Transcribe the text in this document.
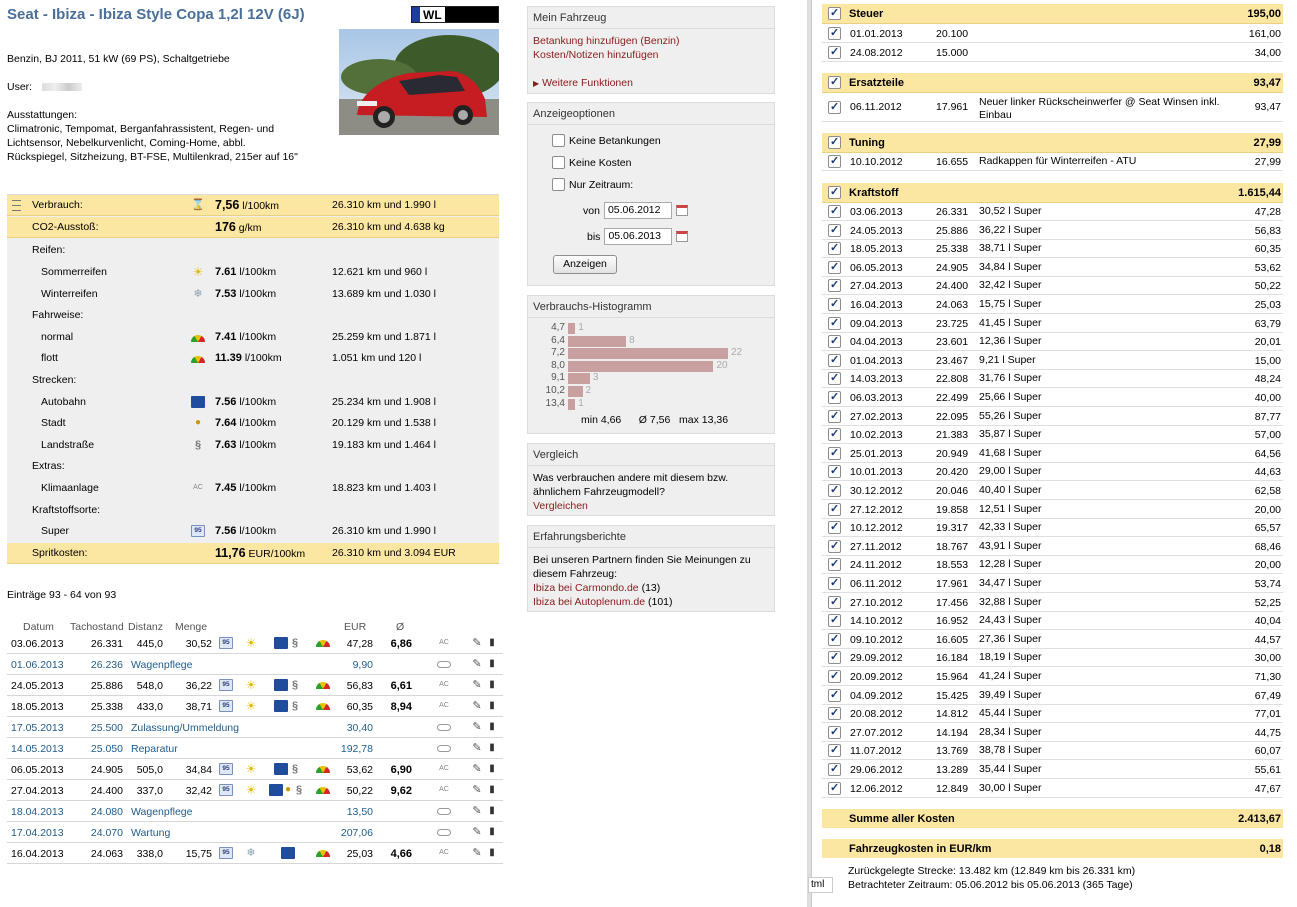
Seat - Ibiza - Ibiza Style Copa 1,2l 12V (6J)	WL

Benzin, BJ 2011, 51 kW (69 PS), Schaltgetriebe

User:

Ausstattungen:
Climatronic, Tempomat, Berganfahrassistent, Regen- und Lichtsensor, Nebelkurvenlicht, Coming-Home, abbl. Rückspiegel, Sitzheizung, BT-FSE, Multilenkrad, 215er auf 16"
Verbrauch:	⌛ 7,56 l/100km	26.310 km und 1.990 l
CO2-Ausstoß:	176 g/km	26.310 km und 4.638 kg
Reifen:
Sommerreifen	☀ 7.61 l/100km	12.621 km und 960 l
Winterreifen	❄ 7.53 l/100km	13.689 km und 1.030 l
Fahrweise:
normal	7.41 l/100km	25.259 km und 1.871 l
flott	11.39 l/100km	1.051 km und 120 l
Strecken:
Autobahn	7.56 l/100km	25.234 km und 1.908 l
Stadt	●	7.64 l/100km	20.129 km und 1.538 l
Landstraße	§	7.63 l/100km	19.183 km und 1.464 l
Extras:
Klimaanlage	AC 7.45 l/100km	18.823 km und 1.403 l
Kraftstoffsorte:
Super	95	7.56 l/100km	26.310 km und 1.990 l
Spritkosten:	11,76 EUR/100km	26.310 km und 3.094 EUR
Einträge 93 - 64 von 93
Datum Tachostand Distanz Menge	EUR	Ø
03.06.2013	26.331	445,0	30,52	95 ☀	§	47,28	6,86	AC ✎ ▮
01.06.2013	26.236 Wagenpflege	9,90	✎ ▮
24.05.2013	25.886	548,0	36,22	95 ☀	§	56,83	6,61	AC ✎ ▮
18.05.2013	25.338	433,0	38,71	95 ☀	§	60,35	8,94	AC ✎ ▮
17.05.2013	25.500 Zulassung/Ummeldung	30,40	✎ ▮
14.05.2013	25.050 Reparatur	192,78	✎ ▮
06.05.2013	24.905	505,0	34,84	95 ☀	§	53,62	6,90	AC ✎ ▮
27.04.2013	24.400	337,0	32,42	95 ☀	● §	50,22	9,62	AC ✎ ▮
18.04.2013	24.080 Wagenpflege	13,50	✎ ▮
17.04.2013	24.070 Wartung	207,06	✎ ▮
16.04.2013	24.063	338,0	15,75	95	❄	25,03	4,66	AC ✎ ▮
Mein Fahrzeug
Betankung hinzufügen (Benzin)
Kosten/Notizen hinzufügen
▶ Weitere Funktionen
Anzeigeoptionen
Keine Betankungen
Keine Kosten
Nur Zeitraum:
von 05.06.2012
bis 05.06.2013
Anzeigen
Verbrauchs-Histogramm
4,7 1
6,4	8
7,2	22
8,0	20
9,1	3
10,2 2
13,4 1
min 4,66      Ø 7,56   max 13,36
Vergleich
Was verbrauchen andere mit diesem bzw. ähnlichem Fahrzeugmodell?
Vergleichen
Erfahrungsberichte
Bei unseren Partnern finden Sie Meinungen zu diesem Fahrzeug:
Ibiza bei Carmondo.de (13)
Ibiza bei Autoplenum.de (101)
tml
✓
Steuer	195,00
✓
01.01.2013	20.100	161,00
✓
24.08.2012	15.000	34,00
✓
Ersatzteile	93,47
✓
06.11.2012	17.961 Neuer linker Rückscheinwerfer @ Seat Winsen inkl. Einbau
93,47
✓
Tuning	27,99
✓
10.10.2012	16.655 Radkappen für Winterreifen - ATU	27,99
✓
Kraftstoff	1.615,44
✓
03.06.2013	26.331 30,52 l Super	47,28
✓
24.05.2013	25.886 36,22 l Super	56,83
✓
18.05.2013	25.338 38,71 l Super	60,35
✓
06.05.2013	24.905 34,84 l Super	53,62
✓
27.04.2013	24.400 32,42 l Super	50,22
✓
16.04.2013	24.063 15,75 l Super	25,03
✓
09.04.2013	23.725 41,45 l Super	63,79
✓
04.04.2013	23.601 12,36 l Super	20,01
✓
01.04.2013	23.467 9,21 l Super	15,00
✓
14.03.2013	22.808 31,76 l Super	48,24
✓
06.03.2013	22.499 25,66 l Super	40,00
✓
27.02.2013	22.095 55,26 l Super	87,77
✓
10.02.2013	21.383 35,87 l Super	57,00
✓
25.01.2013	20.949 41,68 l Super	64,56
✓
10.01.2013	20.420 29,00 l Super	44,63
✓
30.12.2012	20.046 40,40 l Super	62,58
✓
27.12.2012	19.858 12,51 l Super	20,00
✓
10.12.2012	19.317 42,33 l Super	65,57
✓
27.11.2012	18.767 43,91 l Super	68,46
✓
24.11.2012	18.553 12,28 l Super	20,00
✓
06.11.2012	17.961 34,47 l Super	53,74
✓
27.10.2012	17.456 32,88 l Super	52,25
✓
14.10.2012	16.952 24,43 l Super	40,04
✓
09.10.2012	16.605 27,36 l Super	44,57
✓
29.09.2012	16.184 18,19 l Super	30,00
✓
20.09.2012	15.964 41,24 l Super	71,30
✓
04.09.2012	15.425 39,49 l Super	67,49
✓
20.08.2012	14.812 45,44 l Super	77,01
✓
27.07.2012	14.194 28,34 l Super	44,75
✓
11.07.2012	13.769 38,78 l Super	60,07
✓
29.06.2012	13.289 35,44 l Super	55,61
✓
12.06.2012	12.849 30,00 l Super	47,67
Summe aller Kosten	2.413,67
Fahrzeugkosten in EUR/km	0,18
Zurückgelegte Strecke: 13.482 km (12.849 km bis 26.331 km)
Betrachteter Zeitraum: 05.06.2012 bis 05.06.2013 (365 Tage)
